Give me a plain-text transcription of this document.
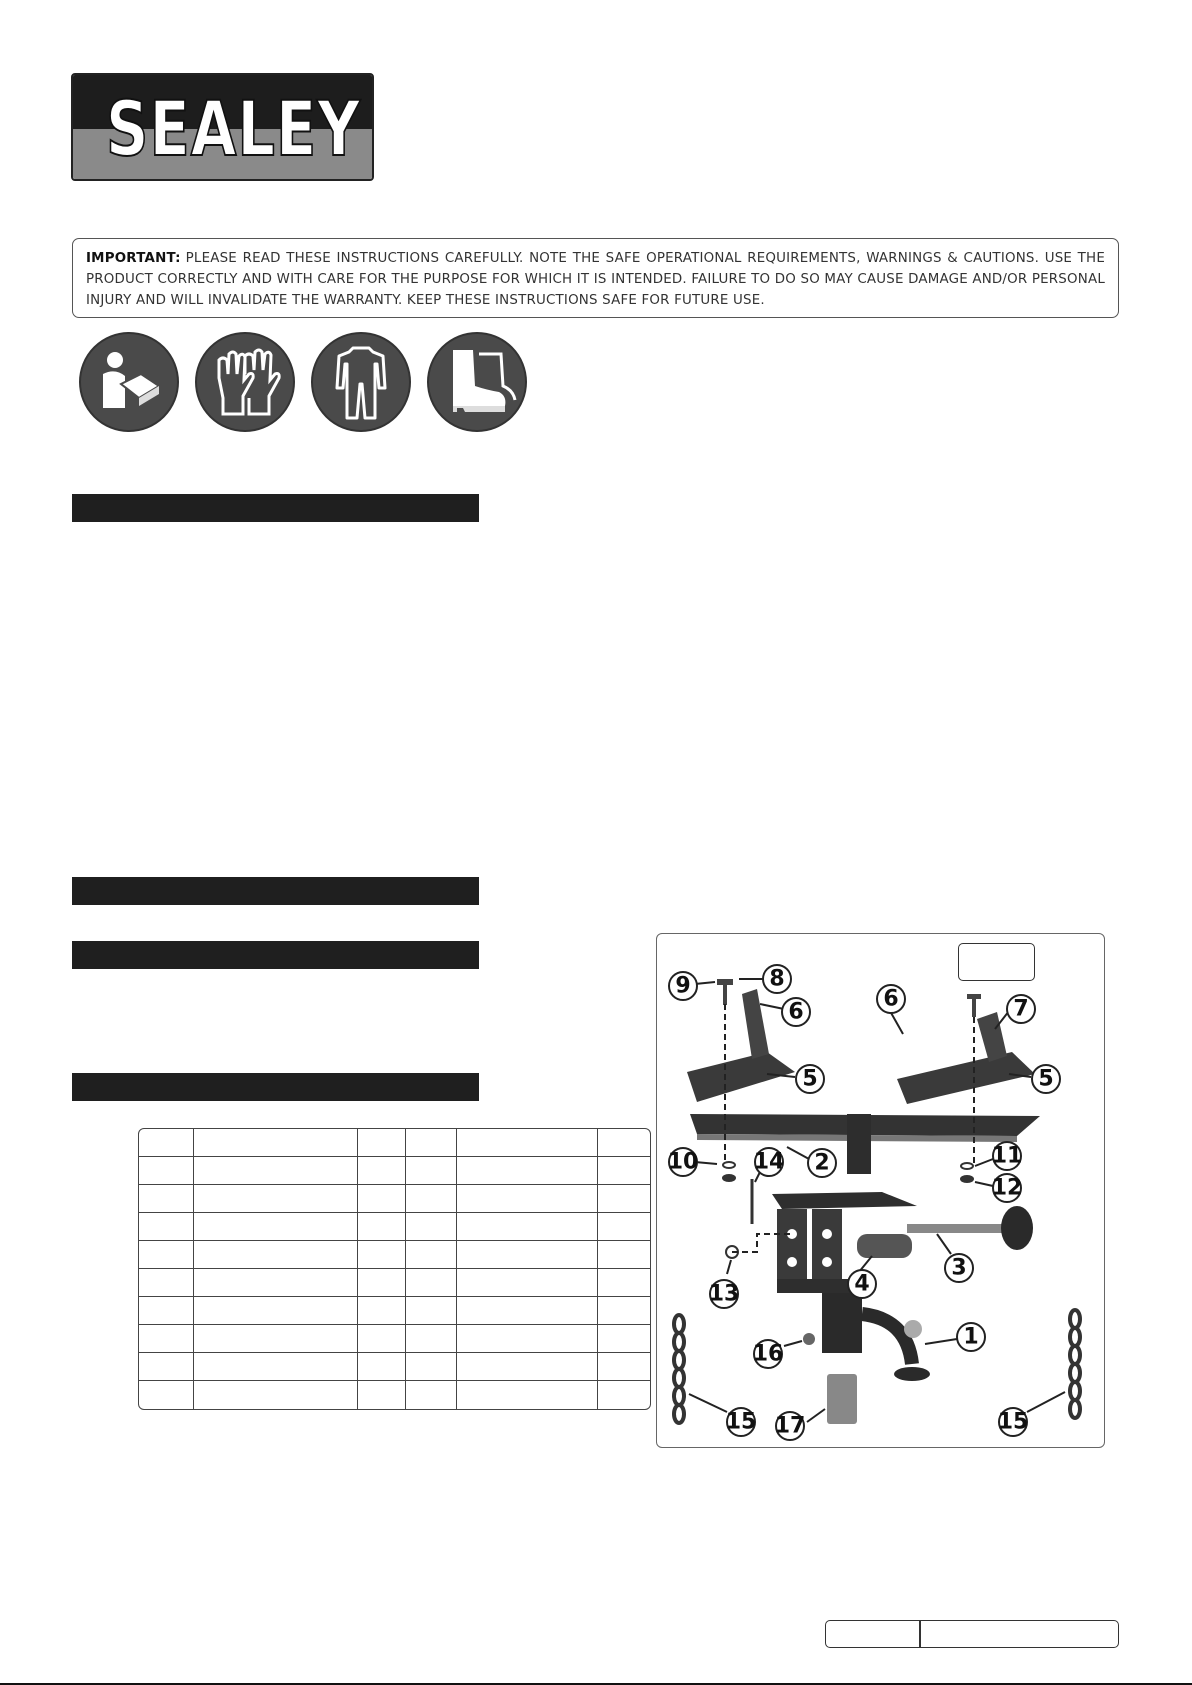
SEALEY
IMPORTANT: PLEASE READ THESE INSTRUCTIONS CAREFULLY. NOTE THE SAFE OPERATIONAL REQUIREMENTS, WARNINGS & CAUTIONS. USE THE PRODUCT CORRECTLY AND WITH CARE FOR THE PURPOSE FOR WHICH IT IS INTENDED. FAILURE TO DO SO MAY CAUSE DAMAGE AND/OR PERSONAL INJURY AND WILL INVALIDATE THE WARRANTY. KEEP THESE INSTRUCTIONS SAFE FOR FUTURE USE.
1
2
3
4
5	5
6
6	7
8
9
10	11
12
13
14
15	15
16
17
